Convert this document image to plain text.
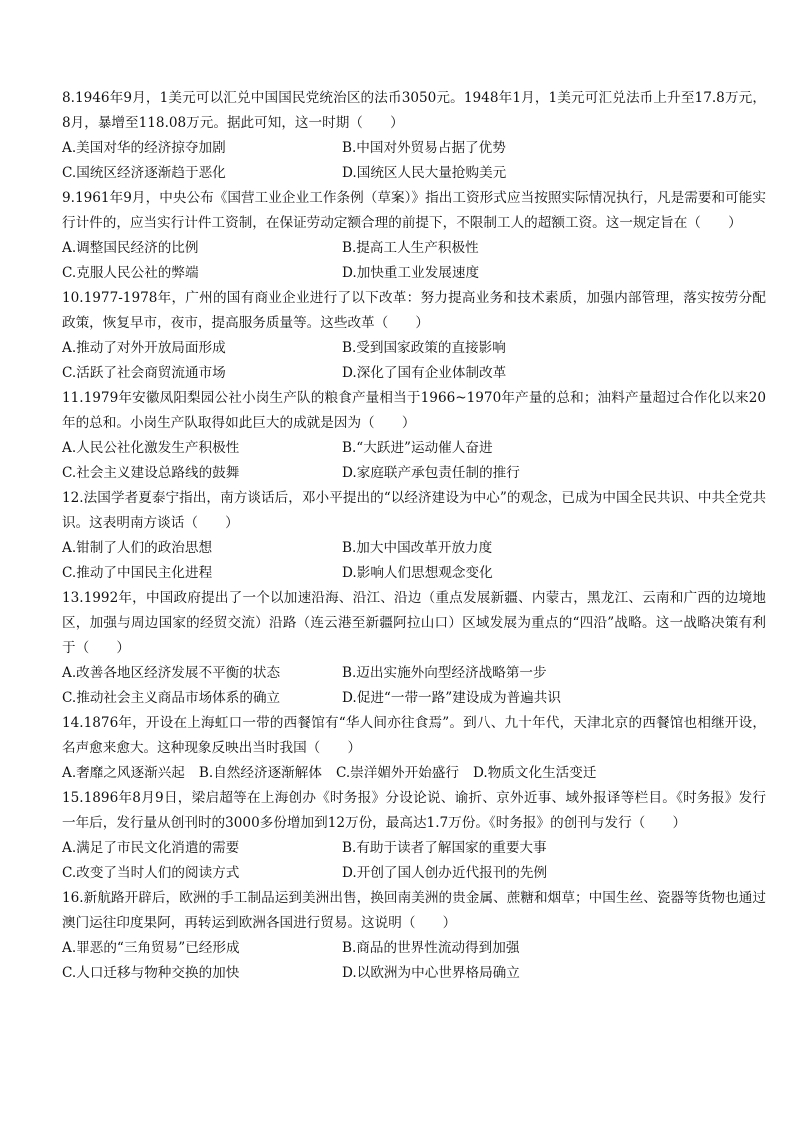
8.1946年9月，1美元可以汇兑中国国民党统治区的法币3050元。1948年1月，1美元可汇兑法币上升至17.8万元，8月，暴增至118.08万元。据此可知，这一时期（　　）

A.美国对华的经济掠夺加剧	B.中国对外贸易占据了优势
C.国统区经济逐渐趋于恶化	D.国统区人民大量抢购美元

9.1961年9月，中央公布《国营工业企业工作条例（草案）》指出工资形式应当按照实际情况执行，凡是需要和可能实行计件的，应当实行计件工资制，在保证劳动定额合理的前提下，不限制工人的超额工资。这一规定旨在（　　）

A.调整国民经济的比例	B.提高工人生产积极性
C.克服人民公社的弊端	D.加快重工业发展速度

10.1977-1978年，广州的国有商业企业进行了以下改革：努力提高业务和技术素质，加强内部管理，落实按劳分配政策，恢复早市，夜市，提高服务质量等。这些改革（　　）

A.推动了对外开放局面形成	B.受到国家政策的直接影响
C.活跃了社会商贸流通市场	D.深化了国有企业体制改革

11.1979年安徽凤阳梨园公社小岗生产队的粮食产量相当于1966~1970年产量的总和；油料产量超过合作化以来20年的总和。小岗生产队取得如此巨大的成就是因为（　　）

A.人民公社化激发生产积极性	B.“大跃进”运动催人奋进
C.社会主义建设总路线的鼓舞	D.家庭联产承包责任制的推行

12.法国学者夏泰宁指出，南方谈话后，邓小平提出的“以经济建设为中心”的观念，已成为中国全民共识、中共全党共识。这表明南方谈话（　　）

A.钳制了人们的政治思想	B.加大中国改革开放力度
C.推动了中国民主化进程	D.影响人们思想观念变化

13.1992年，中国政府提出了一个以加速沿海、沿江、沿边（重点发展新疆、内蒙古，黑龙江、云南和广西的边境地区，加强与周边国家的经贸交流）沿路（连云港至新疆阿拉山口）区域发展为重点的“四沿”战略。这一战略决策有利于（　　）

A.改善各地区经济发展不平衡的状态	B.迈出实施外向型经济战略第一步
C.推动社会主义商品市场体系的确立	D.促进“一带一路”建设成为普遍共识

14.1876年，开设在上海虹口一带的西餐馆有“华人间亦往食焉”。到八、九十年代，天津北京的西餐馆也相继开设，名声愈来愈大。这种现象反映出当时我国（　　）

A.奢靡之风逐渐兴起 B.自然经济逐渐解体 C.崇洋媚外开始盛行 D.物质文化生活变迁

15.1896年8月9日，梁启超等在上海创办《时务报》分设论说、谕折、京外近事、域外报译等栏目。《时务报》发行一年后，发行量从创刊时的3000多份增加到12万份，最高达1.7万份。《时务报》的创刊与发行（　　）

A.满足了市民文化消遣的需要	B.有助于读者了解国家的重要大事
C.改变了当时人们的阅读方式	D.开创了国人创办近代报刊的先例

16.新航路开辟后，欧洲的手工制品运到美洲出售，换回南美洲的贵金属、蔗糖和烟草；中国生丝、瓷器等货物也通过澳门运往印度果阿，再转运到欧洲各国进行贸易。这说明（　　）

A.罪恶的“三角贸易”已经形成	B.商品的世界性流动得到加强
C.人口迁移与物种交换的加快	D.以欧洲为中心世界格局确立
